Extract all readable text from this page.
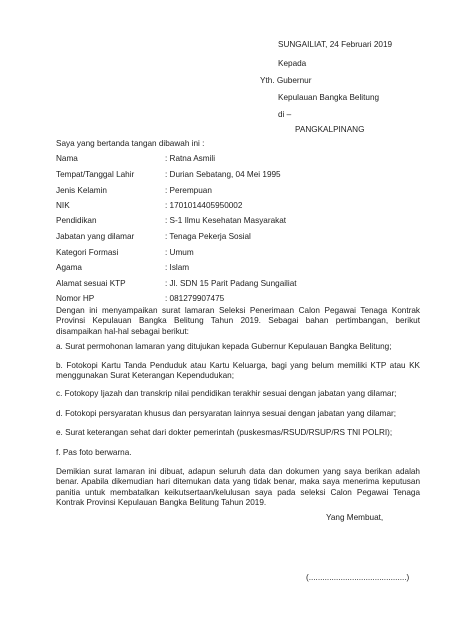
SUNGAILIAT, 24 Februari 2019
Kepada
Yth. Gubernur
Kepulauan Bangka Belitung
di –
PANGKALPINANG
Saya yang bertanda tangan dibawah ini :
Nama	: Ratna Asmili
Tempat/Tanggal Lahir	: Durian Sebatang, 04 Mei 1995
Jenis Kelamin	: Perempuan
NIK	: 1701014405950002
Pendidikan	: S-1 Ilmu Kesehatan Masyarakat
Jabatan yang dilamar	: Tenaga Pekerja Sosial
Kategori Formasi	: Umum
Agama	: Islam
Alamat sesuai KTP	: Jl. SDN 15 Parit Padang Sungailiat
Nomor HP	: 081279907475
Dengan ini menyampaikan surat lamaran Seleksi Penerimaan Calon Pegawai Tenaga Kontrak Provinsi Kepulauan Bangka Belitung Tahun 2019. Sebagai bahan pertimbangan, berikut disampaikan hal-hal sebagai berikut:
a. Surat permohonan lamaran yang ditujukan kepada Gubernur Kepulauan Bangka Belitung;
b. Fotokopi Kartu Tanda Penduduk atau Kartu Keluarga, bagi yang belum memiliki KTP atau KK menggunakan Surat Keterangan Kependudukan;
c. Fotokopy Ijazah dan transkrip nilai pendidikan terakhir sesuai dengan jabatan yang dilamar;
d. Fotokopi persyaratan khusus dan persyaratan lainnya sesuai dengan jabatan yang dilamar;
e. Surat keterangan sehat dari dokter pemerintah (puskesmas/RSUD/RSUP/RS TNI POLRI);
f. Pas foto berwarna.
Demikian surat lamaran ini dibuat, adapun seluruh data dan dokumen yang saya berikan adalah benar. Apabila dikemudian hari ditemukan data yang tidak benar, maka saya menerima keputusan panitia untuk membatalkan keikutsertaan/kelulusan saya pada seleksi Calon Pegawai Tenaga Kontrak Provinsi Kepulauan Bangka Belitung Tahun 2019.
Yang Membuat,
(...........................................)
